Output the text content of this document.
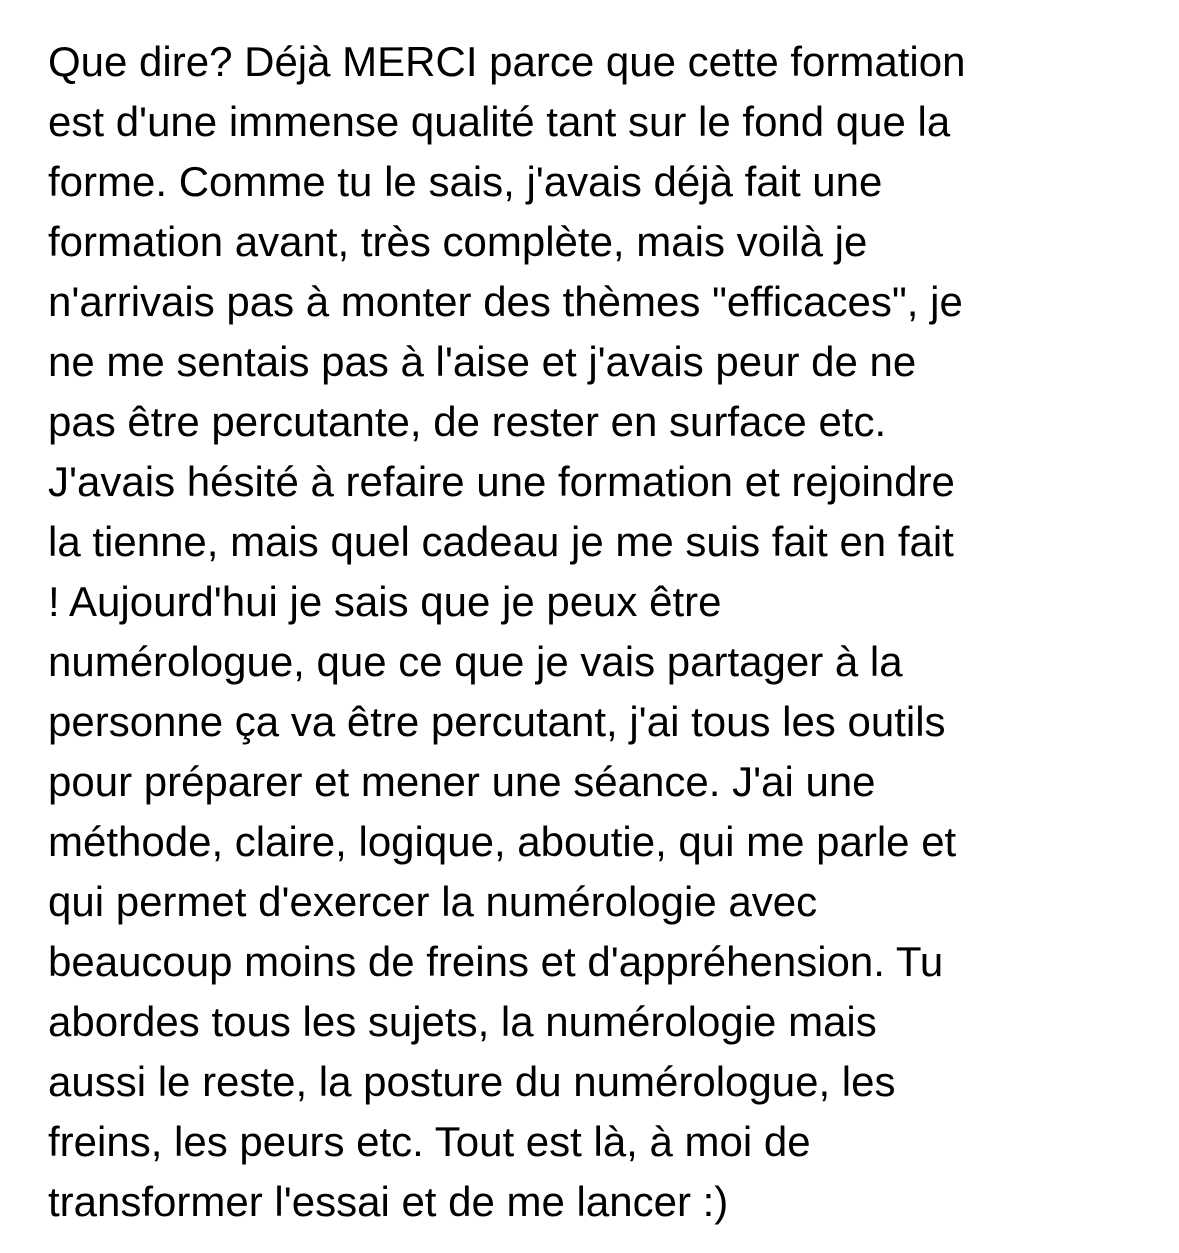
Que dire? Déjà MERCI parce que cette formation
est d'une immense qualité tant sur le fond que la
forme. Comme tu le sais, j'avais déjà fait une
formation avant, très complète, mais voilà je
n'arrivais pas à monter des thèmes "efficaces", je
ne me sentais pas à l'aise et j'avais peur de ne
pas être percutante, de rester en surface etc.
J'avais hésité à refaire une formation et rejoindre
la tienne, mais quel cadeau je me suis fait en fait
! Aujourd'hui je sais que je peux être
numérologue, que ce que je vais partager à la
personne ça va être percutant, j'ai tous les outils
pour préparer et mener une séance. J'ai une
méthode, claire, logique, aboutie, qui me parle et
qui permet d'exercer la numérologie avec
beaucoup moins de freins et d'appréhension. Tu
abordes tous les sujets, la numérologie mais
aussi le reste, la posture du numérologue, les
freins, les peurs etc. Tout est là, à moi de
transformer l'essai et de me lancer :)
